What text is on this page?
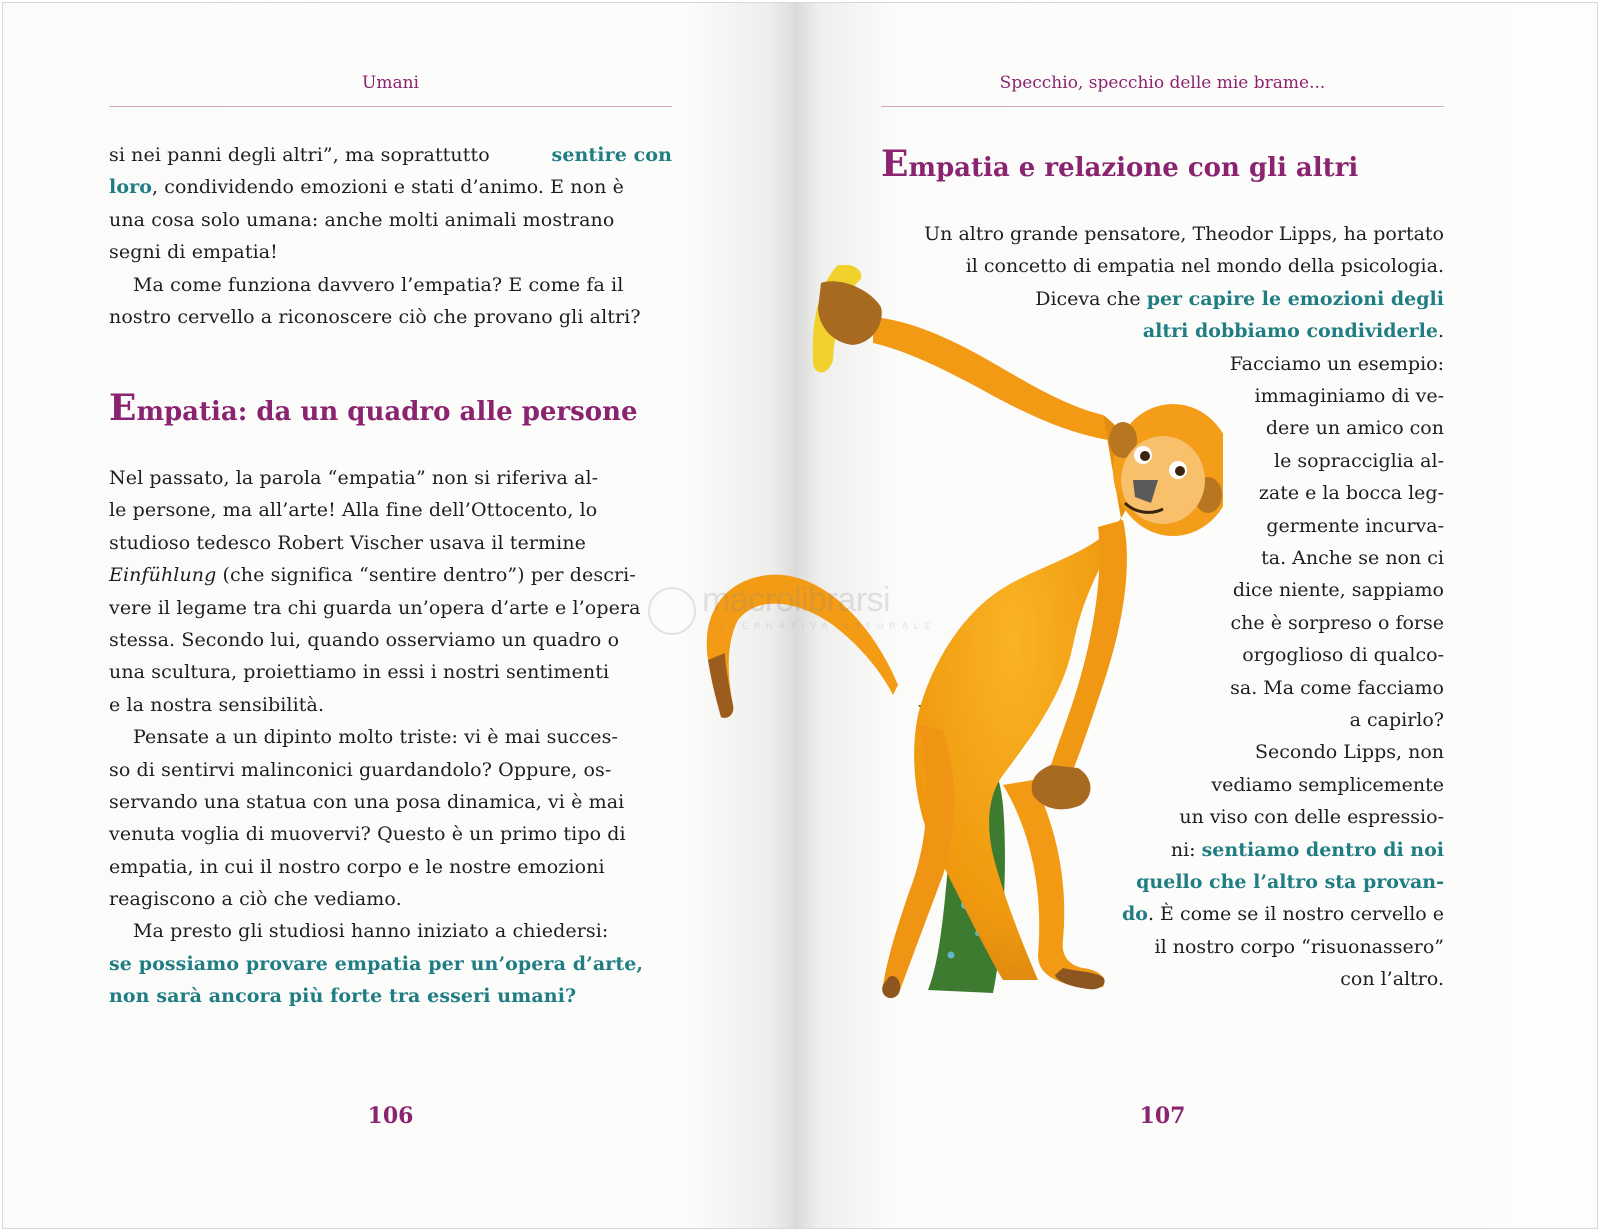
Umani
si nei panni degli altri”, ma soprattutto	sentire con
loro, condividendo emozioni e stati d’animo. E non è
una cosa solo umana: anche molti animali mostrano
segni di empatia!
Ma come funziona davvero l’empatia? E come fa il
nostro cervello a riconoscere ciò che provano gli altri?
Empatia: da un quadro alle persone
Nel passato, la parola “empatia” non si riferiva al-
le persone, ma all’arte! Alla fine dell’Ottocento, lo
studioso tedesco Robert Vischer usava il termine
Einfühlung (che significa “sentire dentro”) per descri-
vere il legame tra chi guarda un’opera d’arte e l’opera
stessa. Secondo lui, quando osserviamo un quadro o
una scultura, proiettiamo in essi i nostri sentimenti
e la nostra sensibilità.
Pensate a un dipinto molto triste: vi è mai succes-
so di sentirvi malinconici guardandolo? Oppure, os-
servando una statua con una posa dinamica, vi è mai
venuta voglia di muovervi? Questo è un primo tipo di
empatia, in cui il nostro corpo e le nostre emozioni
reagiscono a ciò che vediamo.
Ma presto gli studiosi hanno iniziato a chiedersi:
se possiamo provare empatia per un’opera d’arte,
non sarà ancora più forte tra esseri umani?
106
Specchio, specchio delle mie brame...
Empatia e relazione con gli altri
107
macrolibrarsi
ALTERNATIVA NATURALE
Un altro grande pensatore, Theodor Lipps, ha portato
il concetto di empatia nel mondo della psicologia.
Diceva che per capire le emozioni degli
altri dobbiamo condividerle.
Facciamo un esempio:
immaginiamo di ve-
dere un amico con
le sopracciglia al-
zate e la bocca leg-
germente incurva-
ta. Anche se non ci
dice niente, sappiamo
che è sorpreso o forse
orgoglioso di qualco-
sa. Ma come facciamo
a capirlo?
Secondo Lipps, non
vediamo semplicemente
un viso con delle espressio-
ni: sentiamo dentro di noi
quello che l’altro sta provan-
do. È come se il nostro cervello e
il nostro corpo “risuonassero”
con l’altro.
